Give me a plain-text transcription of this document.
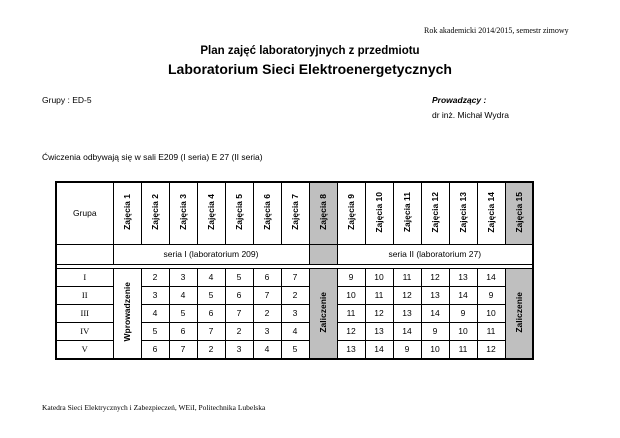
Rok akademicki 2014/2015, semestr zimowy
Plan zajęć laboratoryjnych z przedmiotu
Laboratorium Sieci Elektroenergetycznych
Grupy : ED-5	Prowadzący :
dr inż. Michał Wydra
Ćwiczenia odbywają się w sali E209 (I seria) E 27 (II seria)
Grupa	Zajęcia 1	Zajęcia 2	Zajęcia 3	Zajęcia 4	Zajęcia 5	Zajęcia 6	Zajęcia 7	Zajęcia 8	Zajęcia 9	Zajęcia 10	Zajęcia 11	Zajęcia 12	Zajęcia 13	Zajęcia 14	Zajęcia 15
	seria I (laboratorium 209)								seria II (laboratorium 27)						

I	Wprowadzenie	2	3	4	5	6	7	Zaliczenie	9	10	11	12	13	14	Zaliczenie
II		3	4	5	6	7	2		10	11	12	13	14	9	
III		4	5	6	7	2	3		11	12	13	14	9	10	
IV		5	6	7	2	3	4		12	13	14	9	10	11	
V		6	7	2	3	4	5		13	14	9	10	11	12	
Katedra Sieci Elektrycznych i Zabezpieczeń, WEiI, Politechnika Lubelska
